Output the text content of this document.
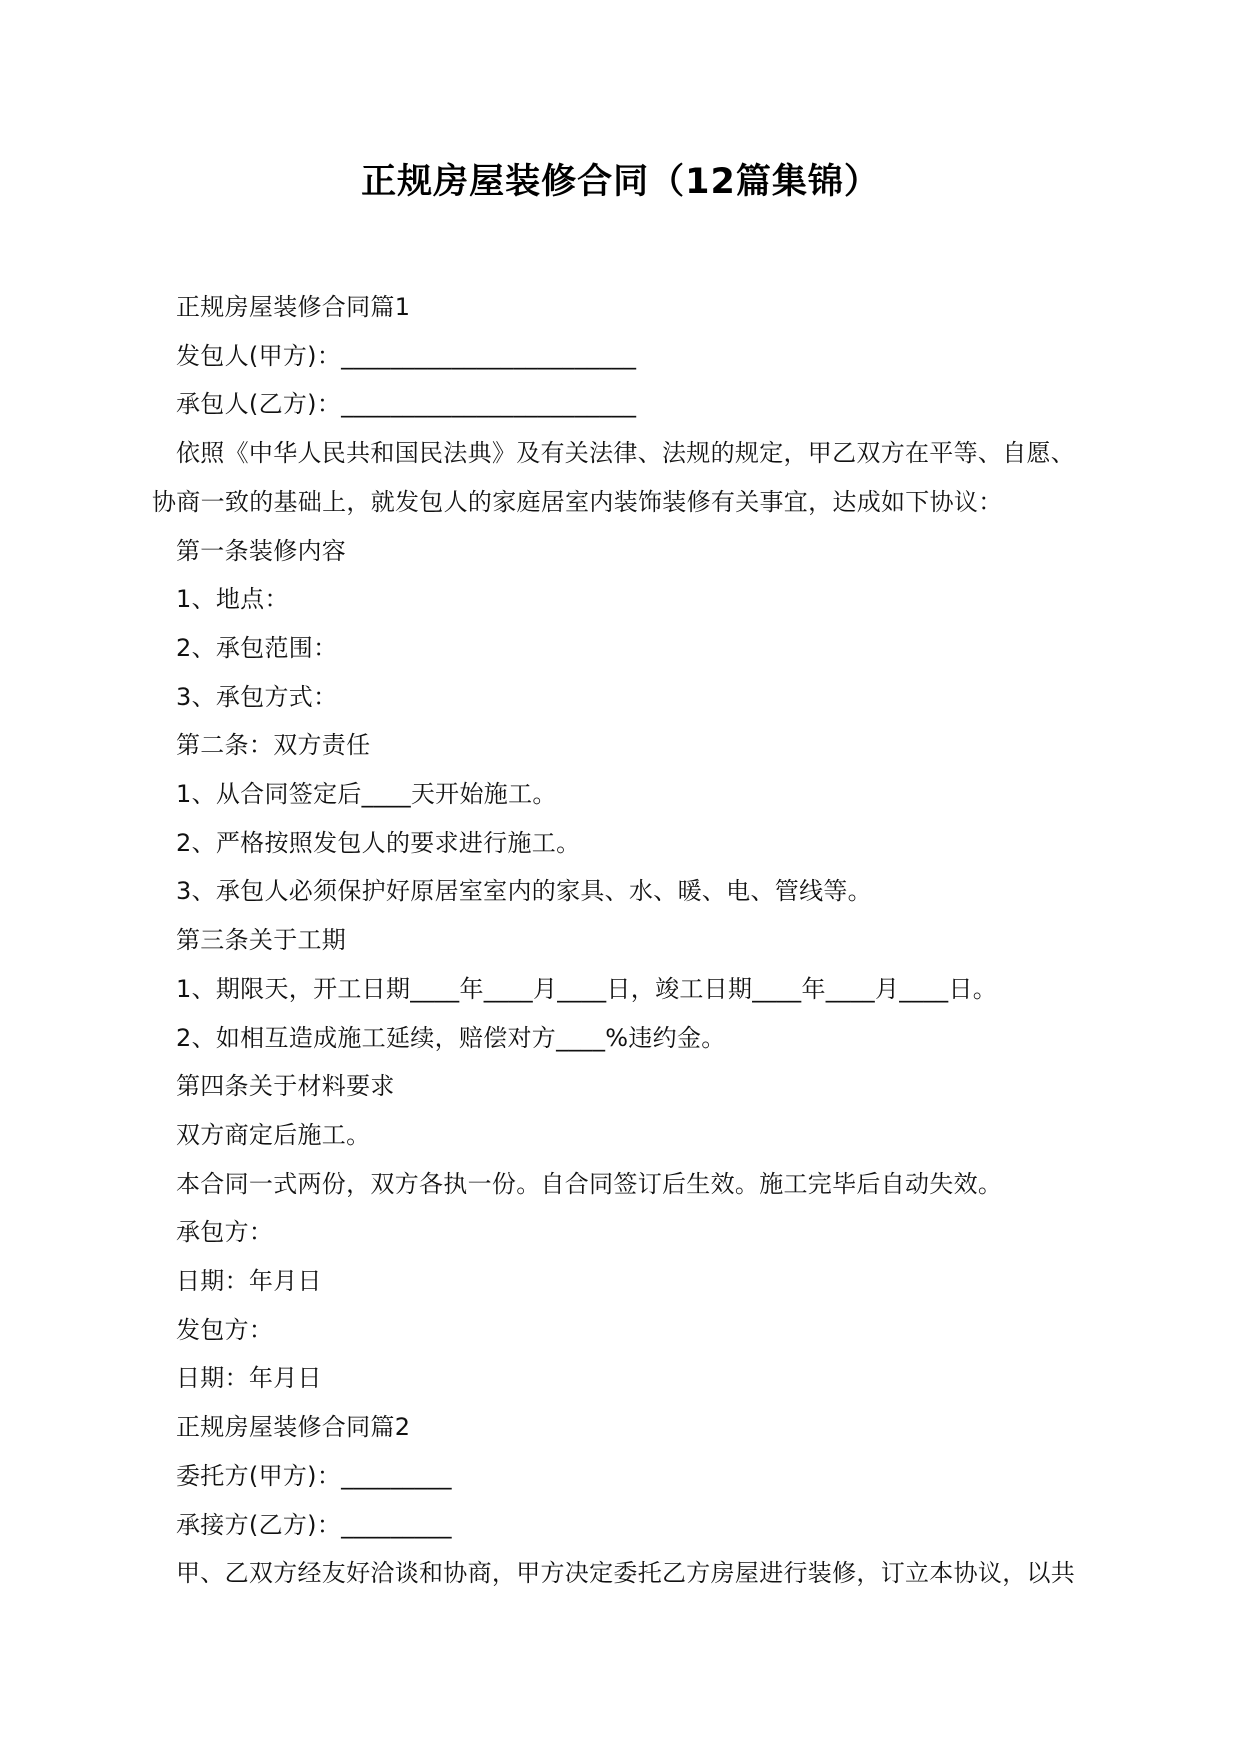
正规房屋装修合同（12篇集锦）

正规房屋装修合同篇1

发包人(甲方)：________________________

承包人(乙方)：________________________

依照《中华人民共和国民法典》及有关法律、法规的规定，甲乙双方在平等、自愿、

协商一致的基础上，就发包人的家庭居室内装饰装修有关事宜，达成如下协议：

第一条装修内容

1、地点：

2、承包范围：

3、承包方式：

第二条：双方责任

1、从合同签定后____天开始施工。

2、严格按照发包人的要求进行施工。

3、承包人必须保护好原居室室内的家具、水、暖、电、管线等。

第三条关于工期

1、期限天，开工日期____年____月____日，竣工日期____年____月____日。

2、如相互造成施工延续，赔偿对方____%违约金。

第四条关于材料要求

双方商定后施工。

本合同一式两份，双方各执一份。自合同签订后生效。施工完毕后自动失效。

承包方：

日期：年月日

发包方：

日期：年月日

正规房屋装修合同篇2

委托方(甲方)：_________

承接方(乙方)：_________

甲、乙双方经友好洽谈和协商，甲方决定委托乙方房屋进行装修，订立本协议，以共
